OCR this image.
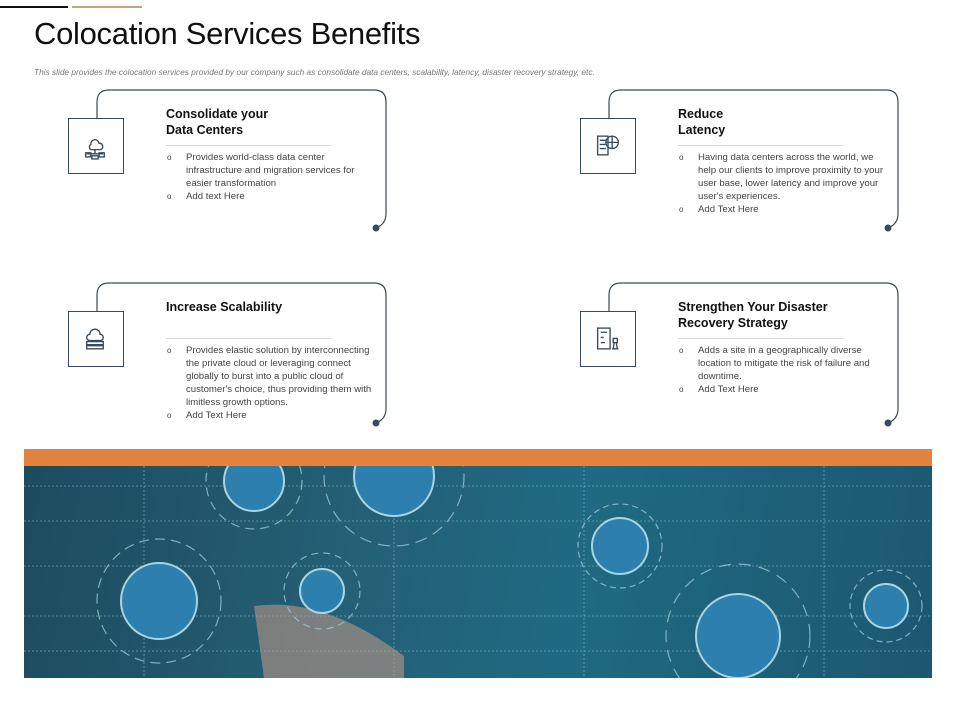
Colocation Services Benefits
This slide provides the colocation services provided by our company such as consolidate data centers, scalability, latency, disaster recovery strategy, etc.
Consolidate your Data Centers
o Provides world-class data center infrastructure and migration services for easier transformation
o Add text Here
Reduce Latency
o Having data centers across the world, we help our clients to improve proximity to your user base, lower latency and improve your user's experiences.
o Add Text Here
Increase Scalability
o Provides elastic solution by interconnecting the private cloud or leveraging connect globally to burst into a public cloud of customer's choice, thus providing them with limitless growth options.
o Add Text Here
Strengthen Your Disaster Recovery Strategy
o Adds a site in a geographically diverse location to mitigate the risk of failure and downtime.
o Add Text Here
